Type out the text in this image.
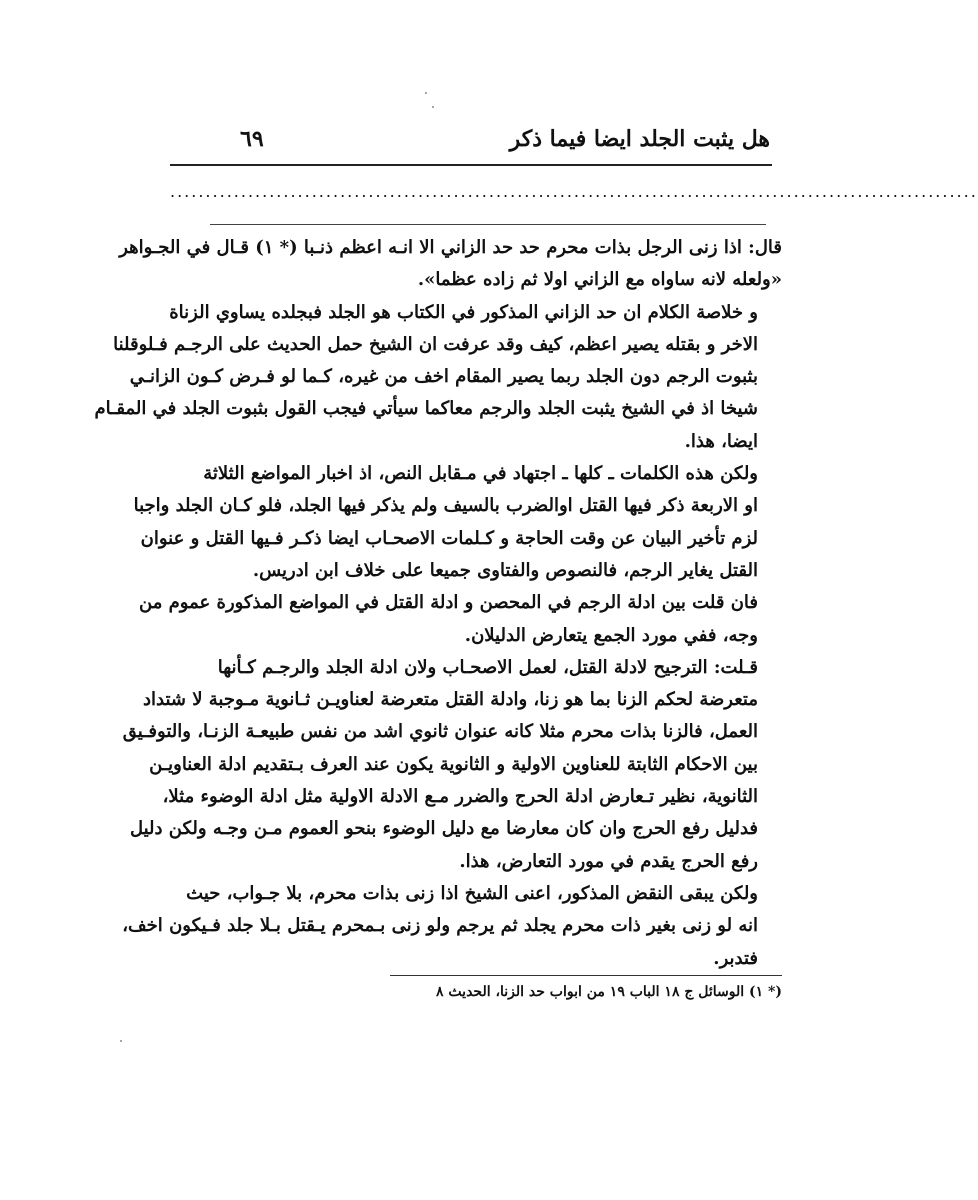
هل يثبت الجلد ايضا فيما ذكر
٦٩
..................................................................................................................

قال: اذا زنى الرجل بذات محرم حد حد الزاني الا انـه اعظم ذنـبا (* ١) قـال في الجـواهر
«ولعله لانه ساواه مع الزاني اولا ثم زاده عظما».

و خلاصة الكلام ان حد الزاني المذكور في الكتاب هو الجلد فبجلده يساوي الزناة
الاخر و بقتله يصير اعظم، كيف وقد عرفت ان الشيخ حمل الحديث على الرجـم فـلوقلنا
بثبوت الرجم دون الجلد ربما يصير المقام اخف من غيره، كـما لو فـرض كـون الزانـي
شيخا اذ في الشيخ يثبت الجلد والرجم معاكما سيأتي فيجب القول بثبوت الجلد في المقـام
ايضا، هذا.

ولكن هذه الكلمات ـ كلها ـ اجتهاد في مـقابل النص، اذ اخبار المواضع الثلاثة
او الاربعة ذكر فيها القتل اوالضرب بالسيف ولم يذكر فيها الجلد، فلو كـان الجلد واجبا
لزم تأخير البيان عن وقت الحاجة و كـلمات الاصحـاب ايضا ذكـر فـيها القتل و عنوان
القتل يغاير الرجم، فالنصوص والفتاوى جميعا على خلاف ابن ادريس.

فان قلت بين ادلة الرجم في المحصن و ادلة القتل في المواضع المذكورة عموم من
وجه، ففي مورد الجمع يتعارض الدليلان.

قـلت: الترجيح لادلة القتل، لعمل الاصحـاب ولان ادلة الجلد والرجـم كـأنها
متعرضة لحكم الزنا بما هو زنا، وادلة القتل متعرضة لعناويـن ثـانوية مـوجبة لا شتداد
العمل، فالزنا بذات محرم مثلا كانه عنوان ثانوي اشد من نفس طبيعـة الزنـا، والتوفـيق
بين الاحكام الثابتة للعناوين الاولية و الثانوية يكون عند العرف بـتقديم ادلة العناويـن
الثانوية، نظير تـعارض ادلة الحرج والضرر مـع الادلة الاولية مثل ادلة الوضوء مثلا،
فدليل رفع الحرج وان كان معارضا مع دليل الوضوء بنحو العموم مـن وجـه ولكن دليل
رفع الحرج يقدم في مورد التعارض، هذا.

ولكن يبقى النقض المذكور، اعنى الشيخ اذا زنى بذات محرم، بلا جـواب، حيث
انه لو زنى بغير ذات محرم يجلد ثم يرجم ولو زنى بـمحرم يـقتل بـلا جلد فـيكون اخف،
فتدبر.

(* ١) الوسائل ج ١٨ الباب ١٩ من ابواب حد الزنا، الحديث ٨
